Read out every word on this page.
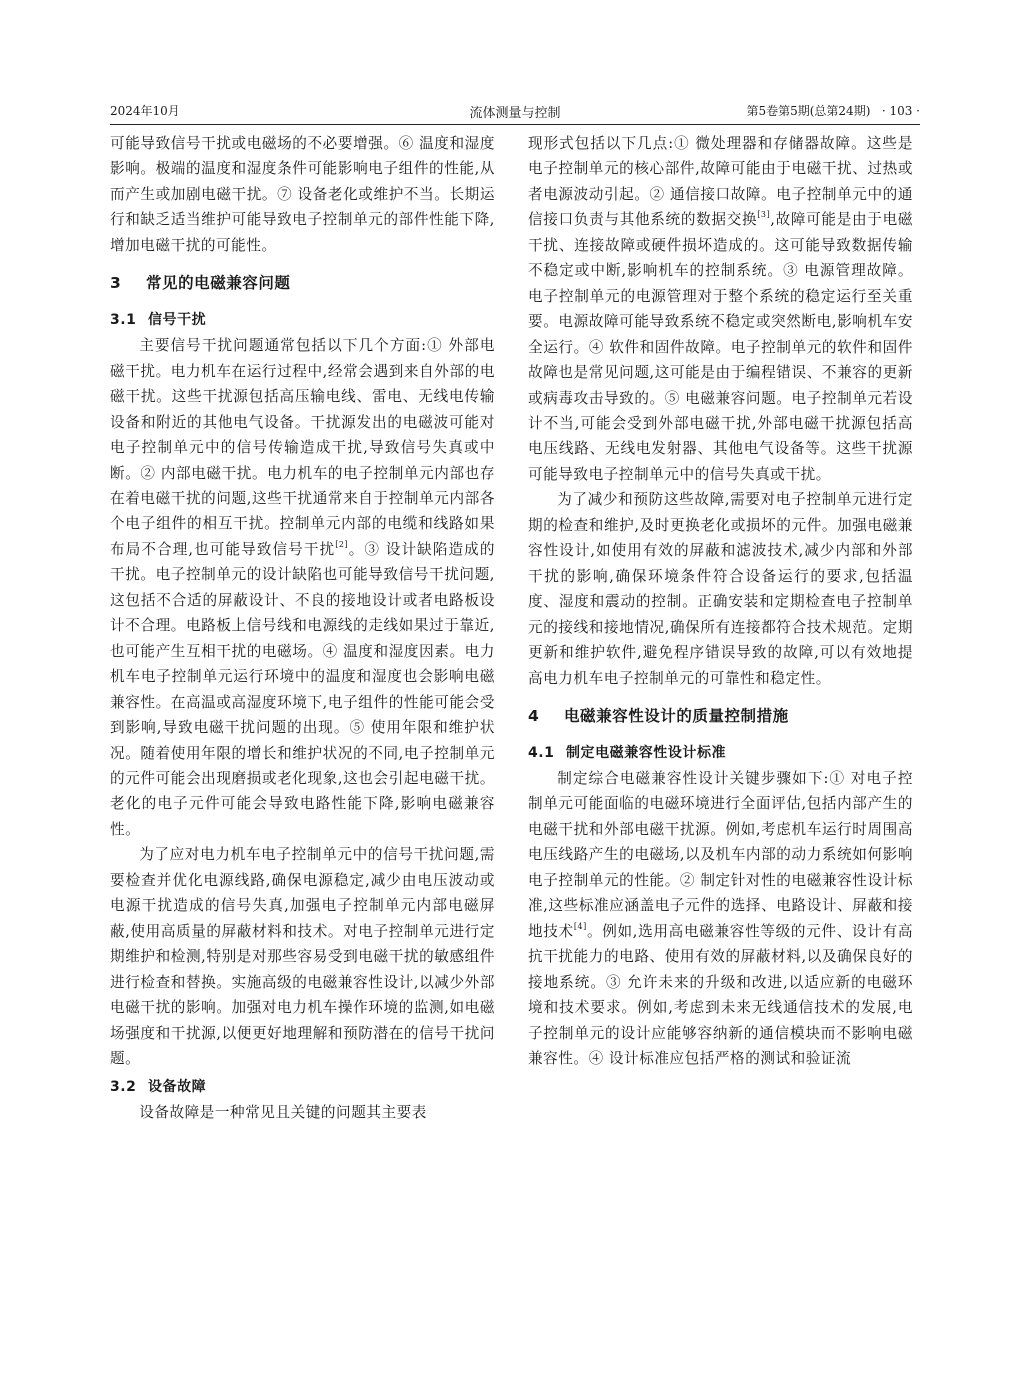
2024年10月	流体测量与控制	第5卷第5期(总第24期) · 103 ·

可能导致信号干扰或电磁场的不必要增强。⑥ 温度和湿度影响。极端的温度和湿度条件可能影响电子组件的性能,从而产生或加剧电磁干扰。⑦ 设备老化或维护不当。长期运行和缺乏适当维护可能导致电子控制单元的部件性能下降,增加电磁干扰的可能性。

3 常见的电磁兼容问题
3.1 信号干扰

主要信号干扰问题通常包括以下几个方面:① 外部电磁干扰。电力机车在运行过程中,经常会遇到来自外部的电磁干扰。这些干扰源包括高压输电线、雷电、无线电传输设备和附近的其他电气设备。干扰源发出的电磁波可能对电子控制单元中的信号传输造成干扰,导致信号失真或中断。② 内部电磁干扰。电力机车的电子控制单元内部也存在着电磁干扰的问题,这些干扰通常来自于控制单元内部各个电子组件的相互干扰。控制单元内部的电缆和线路如果布局不合理,也可能导致信号干扰[2]。③ 设计缺陷造成的干扰。电子控制单元的设计缺陷也可能导致信号干扰问题,这包括不合适的屏蔽设计、不良的接地设计或者电路板设计不合理。电路板上信号线和电源线的走线如果过于靠近,也可能产生互相干扰的电磁场。④ 温度和湿度因素。电力机车电子控制单元运行环境中的温度和湿度也会影响电磁兼容性。在高温或高湿度环境下,电子组件的性能可能会受到影响,导致电磁干扰问题的出现。⑤ 使用年限和维护状况。随着使用年限的增长和维护状况的不同,电子控制单元的元件可能会出现磨损或老化现象,这也会引起电磁干扰。老化的电子元件可能会导致电路性能下降,影响电磁兼容性。

为了应对电力机车电子控制单元中的信号干扰问题,需要检查并优化电源线路,确保电源稳定,减少由电压波动或电源干扰造成的信号失真,加强电子控制单元内部电磁屏蔽,使用高质量的屏蔽材料和技术。对电子控制单元进行定期维护和检测,特别是对那些容易受到电磁干扰的敏感组件进行检查和替换。实施高级的电磁兼容性设计,以减少外部电磁干扰的影响。加强对电力机车操作环境的监测,如电磁场强度和干扰源,以便更好地理解和预防潜在的信号干扰问题。

3.2 设备故障

设备故障是一种常见且关键的问题其主要表

现形式包括以下几点:① 微处理器和存储器故障。这些是电子控制单元的核心部件,故障可能由于电磁干扰、过热或者电源波动引起。② 通信接口故障。电子控制单元中的通信接口负责与其他系统的数据交换[3],故障可能是由于电磁干扰、连接故障或硬件损坏造成的。这可能导致数据传输不稳定或中断,影响机车的控制系统。③ 电源管理故障。电子控制单元的电源管理对于整个系统的稳定运行至关重要。电源故障可能导致系统不稳定或突然断电,影响机车安全运行。④ 软件和固件故障。电子控制单元的软件和固件故障也是常见问题,这可能是由于编程错误、不兼容的更新或病毒攻击导致的。⑤ 电磁兼容问题。电子控制单元若设计不当,可能会受到外部电磁干扰,外部电磁干扰源包括高电压线路、无线电发射器、其他电气设备等。这些干扰源可能导致电子控制单元中的信号失真或干扰。

为了减少和预防这些故障,需要对电子控制单元进行定期的检查和维护,及时更换老化或损坏的元件。加强电磁兼容性设计,如使用有效的屏蔽和滤波技术,减少内部和外部干扰的影响,确保环境条件符合设备运行的要求,包括温度、湿度和震动的控制。正确安装和定期检查电子控制单元的接线和接地情况,确保所有连接都符合技术规范。定期更新和维护软件,避免程序错误导致的故障,可以有效地提高电力机车电子控制单元的可靠性和稳定性。

4 电磁兼容性设计的质量控制措施
4.1 制定电磁兼容性设计标准

制定综合电磁兼容性设计关键步骤如下:① 对电子控制单元可能面临的电磁环境进行全面评估,包括内部产生的电磁干扰和外部电磁干扰源。例如,考虑机车运行时周围高电压线路产生的电磁场,以及机车内部的动力系统如何影响电子控制单元的性能。② 制定针对性的电磁兼容性设计标准,这些标准应涵盖电子元件的选择、电路设计、屏蔽和接地技术[4]。例如,选用高电磁兼容性等级的元件、设计有高抗干扰能力的电路、使用有效的屏蔽材料,以及确保良好的接地系统。③ 允许未来的升级和改进,以适应新的电磁环境和技术要求。例如,考虑到未来无线通信技术的发展,电子控制单元的设计应能够容纳新的通信模块而不影响电磁兼容性。④ 设计标准应包括严格的测试和验证流
